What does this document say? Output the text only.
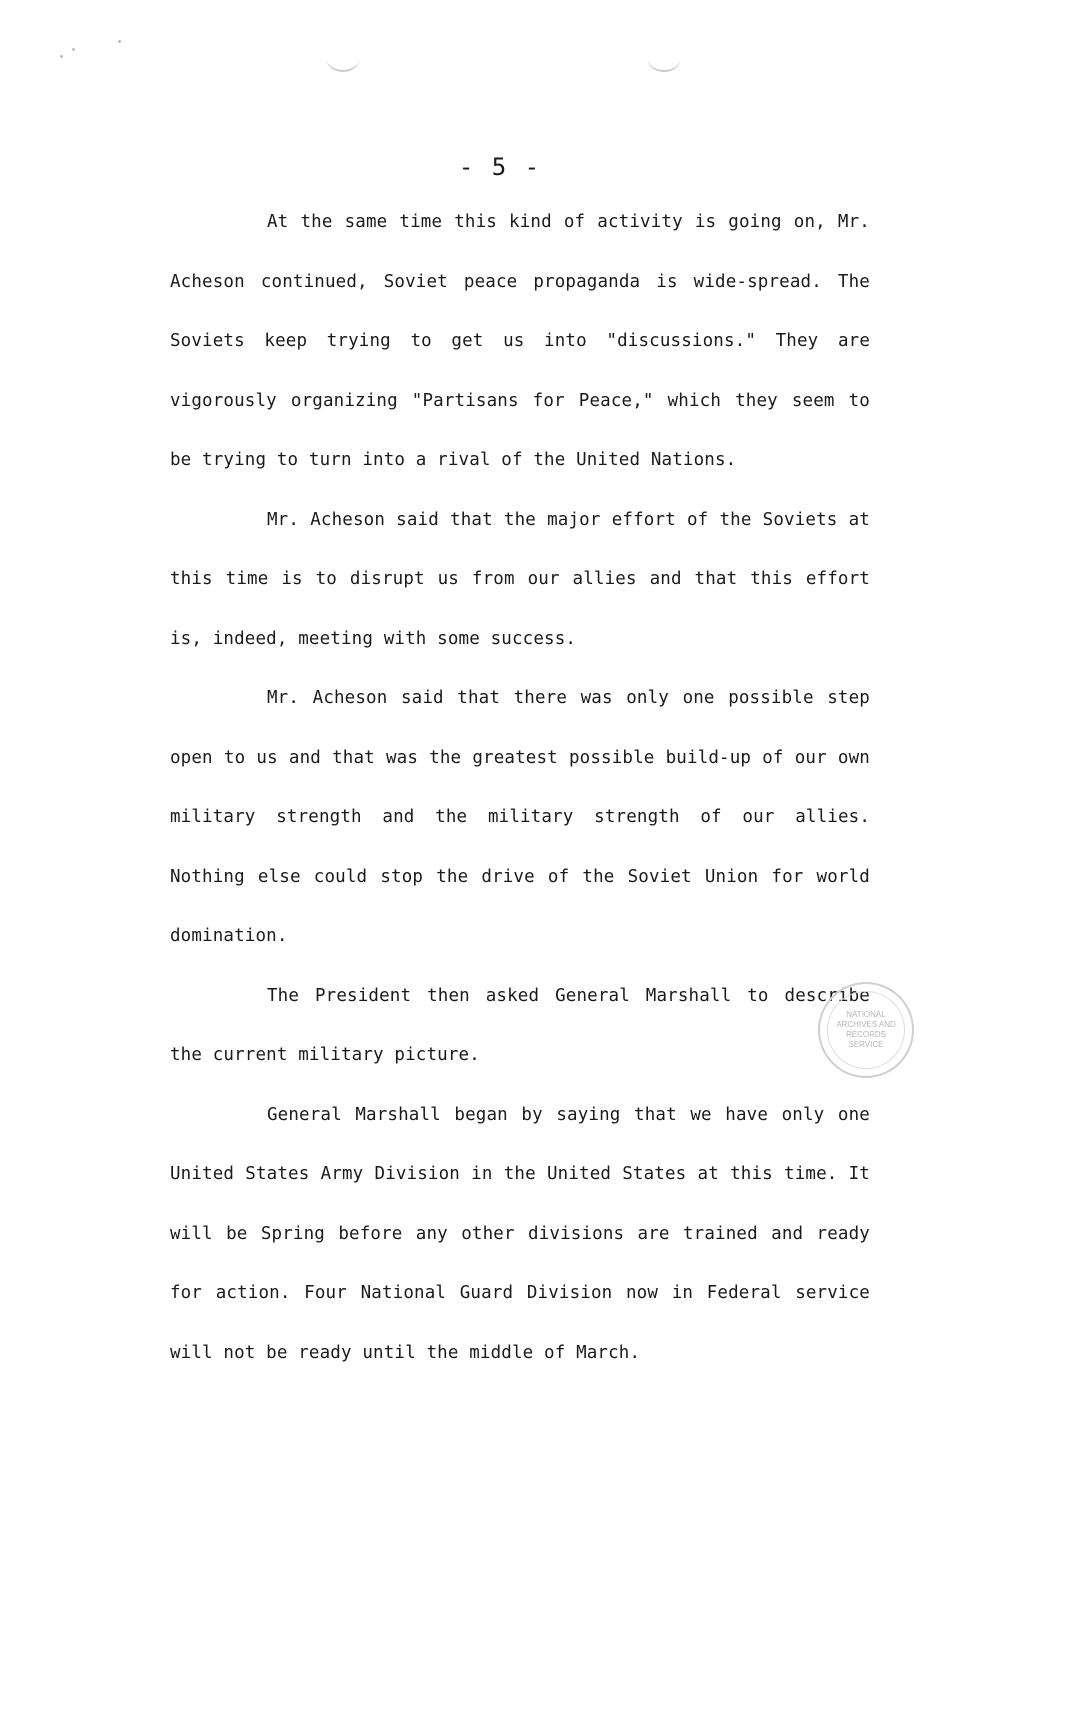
- 5 -

At the same time this kind of activity is going on, Mr. Acheson continued, Soviet peace propaganda is wide-spread. The Soviets keep trying to get us into "discussions." They are vigorously organizing "Partisans for Peace," which they seem to be trying to turn into a rival of the United Nations.

Mr. Acheson said that the major effort of the Soviets at this time is to disrupt us from our allies and that this effort is, indeed, meeting with some success.

Mr. Acheson said that there was only one possible step open to us and that was the greatest possible build-up of our own military strength and the military strength of our allies. Nothing else could stop the drive of the Soviet Union for world domination.

The President then asked General Marshall to describe the current military picture.

General Marshall began by saying that we have only one United States Army Division in the United States at this time. It will be Spring before any other divisions are trained and ready for action. Four National Guard Division now in Federal service will not be ready until the middle of March.

NATIONAL
ARCHIVES AND
RECORDS
SERVICE
